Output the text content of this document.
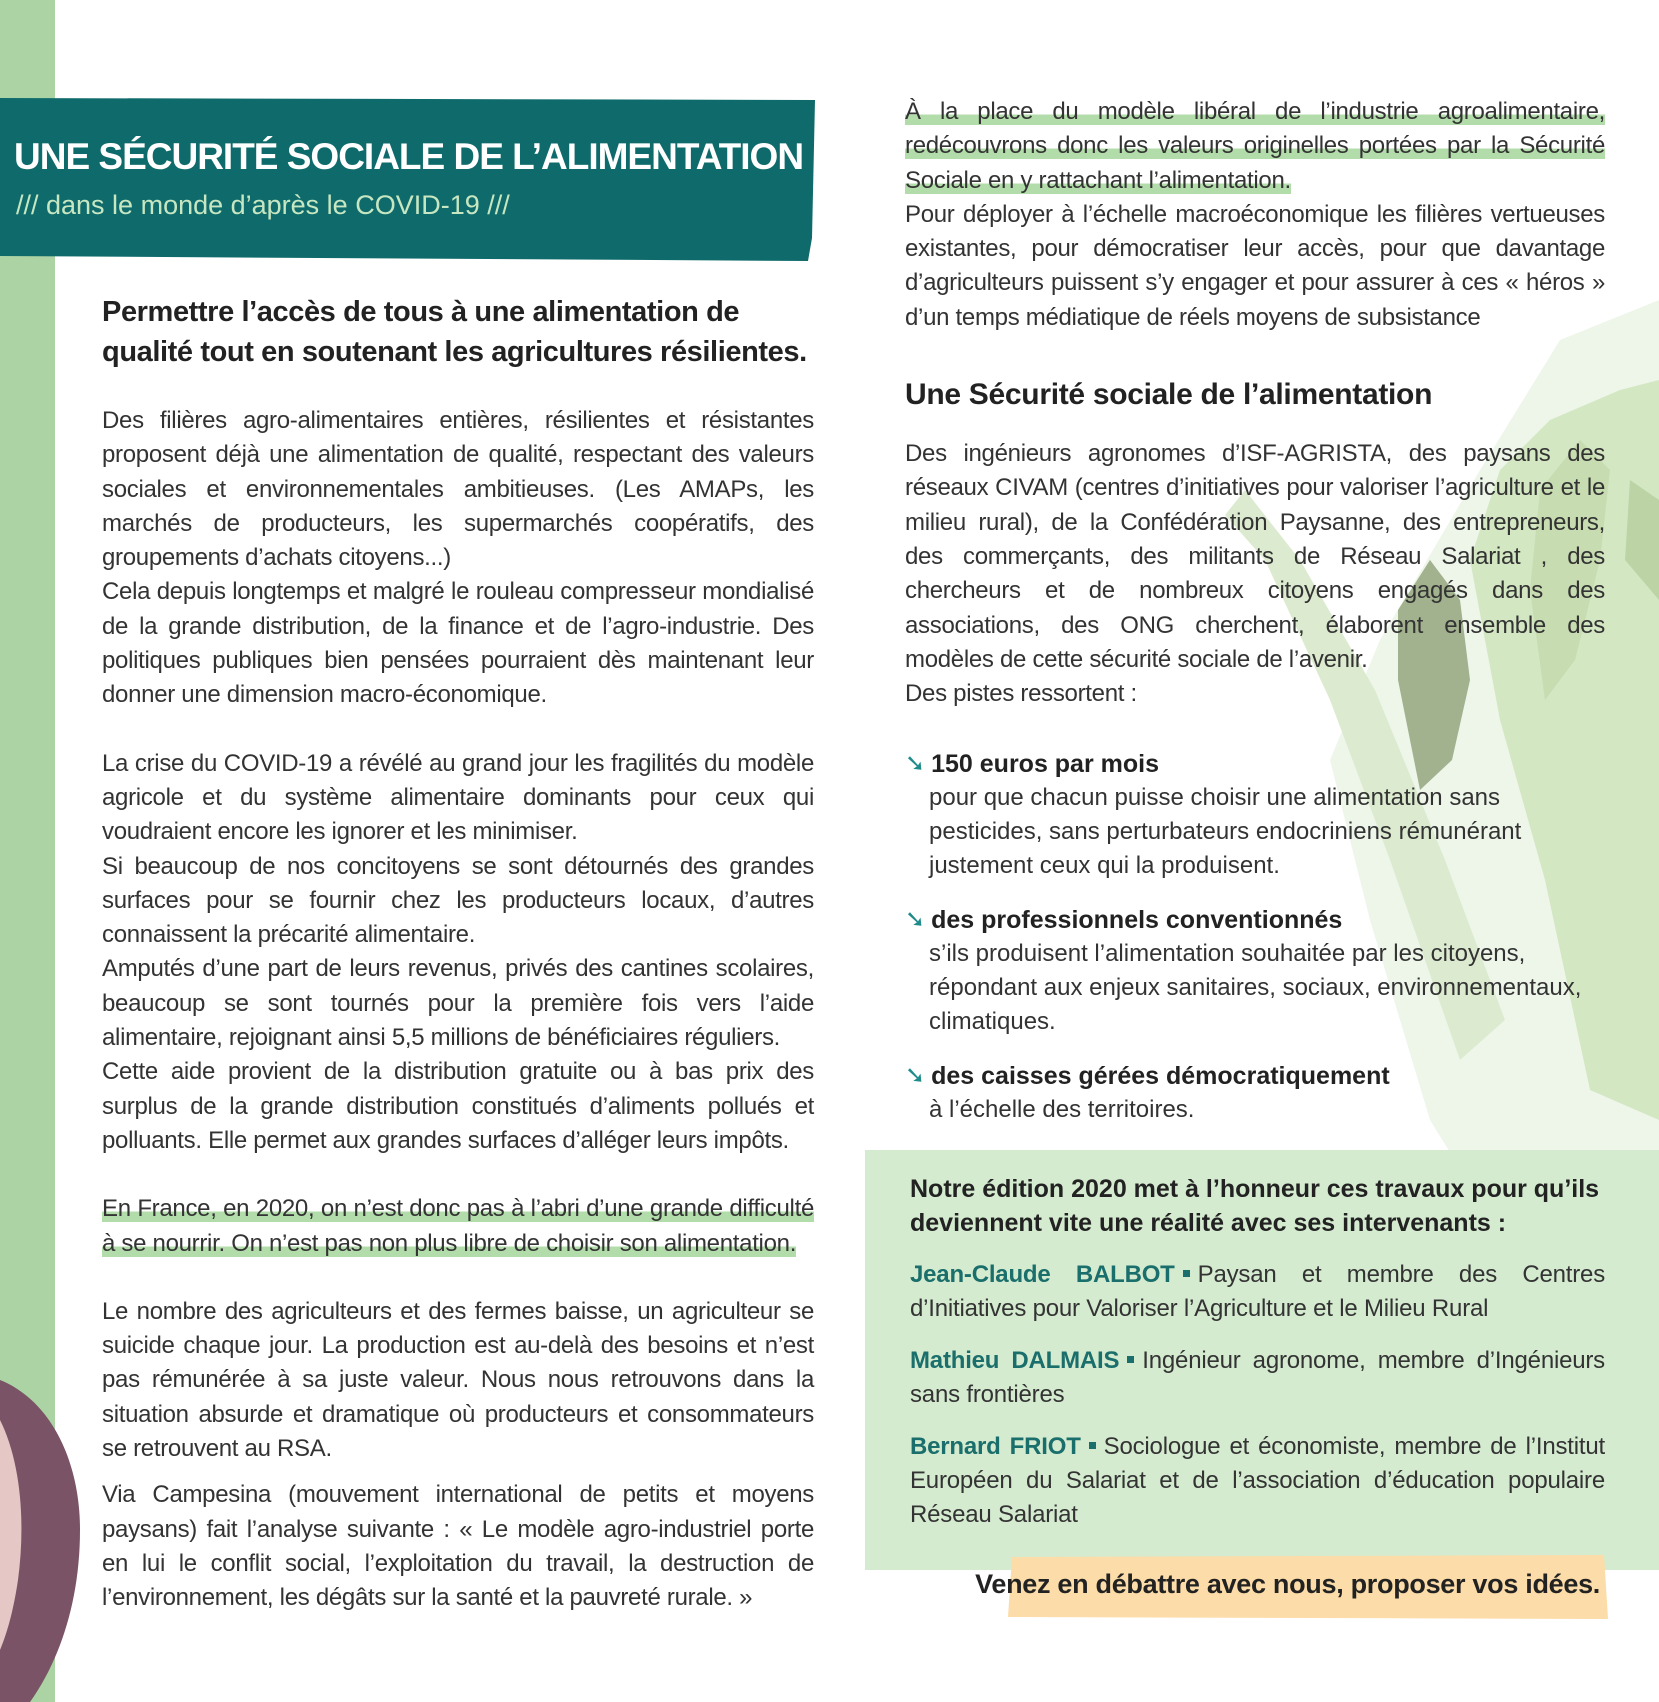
UNE SÉCURITÉ SOCIALE DE L’ALIMENTATION
/// dans le monde d’après le COVID-19 ///
Permettre l’accès de tous à une alimentation de qualité tout en soutenant les agricultures résilientes.

Des filières agro-alimentaires entières, résilientes et résistantes proposent déjà une alimentation de qualité, respectant des valeurs sociales et environnementales ambitieuses. (Les AMAPs, les marchés de producteurs, les supermarchés coopératifs, des groupements d’achats citoyens...)

Cela depuis longtemps et malgré le rouleau compresseur mondialisé de la grande distribution, de la finance et de l’agro-industrie. Des politiques publiques bien pensées pourraient dès maintenant leur donner une dimension macro-économique.

La crise du COVID-19 a révélé au grand jour les fragilités du modèle agricole et du système alimentaire dominants pour ceux qui voudraient encore les ignorer et les minimiser.

Si beaucoup de nos concitoyens se sont détournés des grandes surfaces pour se fournir chez les producteurs locaux, d’autres connaissent la précarité alimentaire.

Amputés d’une part de leurs revenus, privés des cantines scolaires, beaucoup se sont tournés pour la première fois vers l’aide alimentaire, rejoignant ainsi 5,5 millions de bénéficiaires réguliers.

Cette aide provient de la distribution gratuite ou à bas prix des surplus de la grande distribution constitués d’aliments pollués et polluants. Elle permet aux grandes surfaces d’alléger leurs impôts.

En France, en 2020, on n’est donc pas à l’abri d’une grande difficulté à se nourrir. On n’est pas non plus libre de choisir son alimentation.

Le nombre des agriculteurs et des fermes baisse, un agriculteur se suicide chaque jour. La production est au-delà des besoins et n’est pas rémunérée à sa juste valeur. Nous nous retrouvons dans la situation absurde et dramatique où producteurs et consommateurs se retrouvent au RSA.

Via Campesina (mouvement international de petits et moyens paysans) fait l’analyse suivante : « Le modèle agro-industriel porte en lui le conflit social, l’exploitation du travail, la destruction de l’environnement, les dégâts sur la santé et la pauvreté rurale. »

À la place du modèle libéral de l’industrie agroalimentaire, redécouvrons donc les valeurs originelles portées par la Sécurité Sociale en y rattachant l’alimentation.

Pour déployer à l’échelle macroéconomique les filières vertueuses existantes, pour démocratiser leur accès, pour que davantage d’agriculteurs puissent s’y engager et pour assurer à ces « héros » d’un temps médiatique de réels moyens de subsistance

Une Sécurité sociale de l’alimentation

Des ingénieurs agronomes d’ISF-AGRISTA, des paysans des réseaux CIVAM (centres d’initiatives pour valoriser l’agriculture et le milieu rural), de la Confédération Paysanne, des entrepreneurs, des commerçants, des militants de Réseau Salariat , des chercheurs et de nombreux citoyens engagés dans des associations, des ONG cherchent, élaborent ensemble des modèles de cette sécurité sociale de l’avenir.

Des pistes ressortent :

➘ 150 euros par mois
pour que chacun puisse choisir une alimentation sans pesticides, sans perturbateurs endocriniens rémunérant justement ceux qui la produisent.
➘ des professionnels conventionnés
s’ils produisent l’alimentation souhaitée par les citoyens, répondant aux enjeux sanitaires, sociaux, environnementaux, climatiques.
➘ des caisses gérées démocratiquement
à l’échelle des territoires.
Notre édition 2020 met à l’honneur ces travaux pour qu’ils deviennent vite une réalité avec ses intervenants :
Jean-Claude BALBOT Paysan et membre des Centres d’Initiatives pour Valoriser l’Agriculture et le Milieu Rural
Mathieu DALMAIS Ingénieur agronome, membre d’Ingénieurs sans frontières
Bernard FRIOT Sociologue et économiste, membre de l’Institut Européen du Salariat et de l’association d’éducation populaire Réseau Salariat
Venez en débattre avec nous, proposer vos idées.
